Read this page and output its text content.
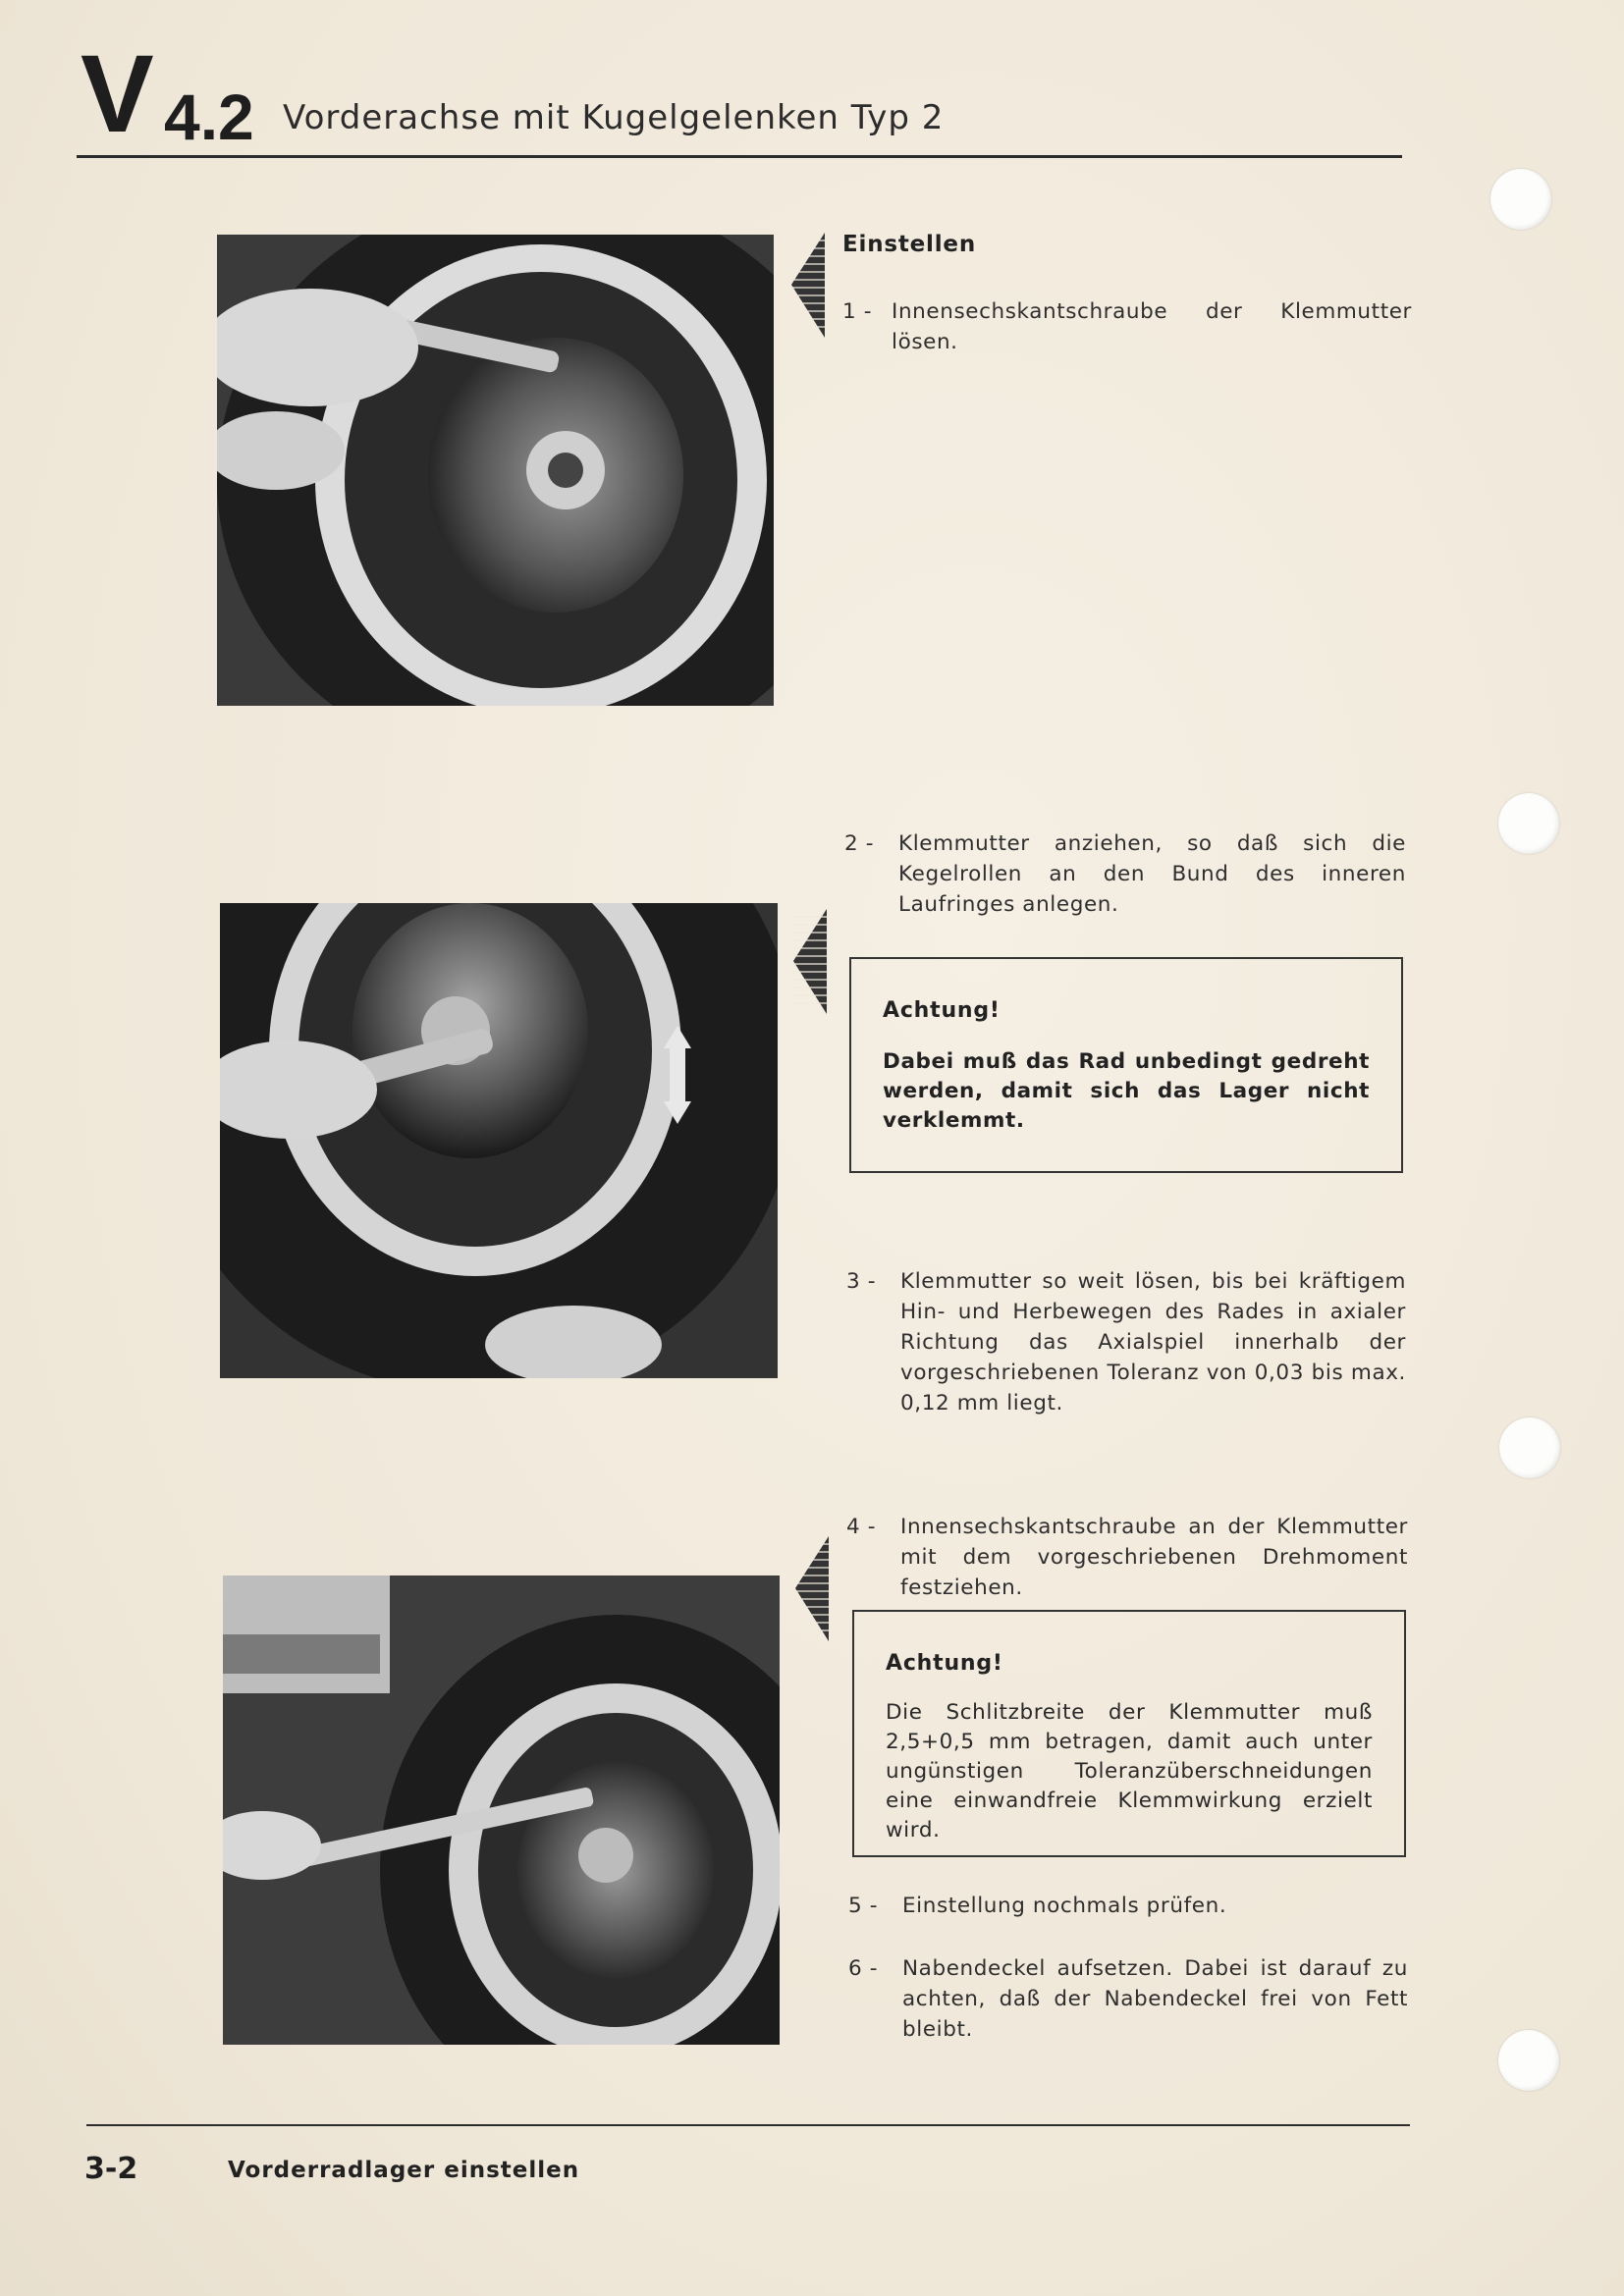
V 4.2 Vorderachse mit Kugelgelenken Typ 2
Einstellen
1 - Innensechskantschraube der Klemmutter lösen.
2 - Klemmutter anziehen, so daß sich die Kegelrollen an den Bund des inneren Laufringes anlegen.
Achtung!
Dabei muß das Rad unbedingt gedreht werden, damit sich das Lager nicht verklemmt.
3 - Klemmutter so weit lösen, bis bei kräftigem Hin- und Herbewegen des Rades in axialer Richtung das Axialspiel innerhalb der vorgeschriebenen Toleranz von 0,03 bis max. 0,12 mm liegt.
4 - Innensechskantschraube an der Klemmutter mit dem vorgeschriebenen Drehmoment festziehen.
Achtung!
Die Schlitzbreite der Klemmutter muß 2,5+0,5 mm betragen, damit auch unter ungünstigen Toleranzüberschneidungen eine einwandfreie Klemmwirkung erzielt wird.
5 - Einstellung nochmals prüfen.
6 - Nabendeckel aufsetzen. Dabei ist darauf zu achten, daß der Nabendeckel frei von Fett bleibt.
3-2	Vorderradlager einstellen
